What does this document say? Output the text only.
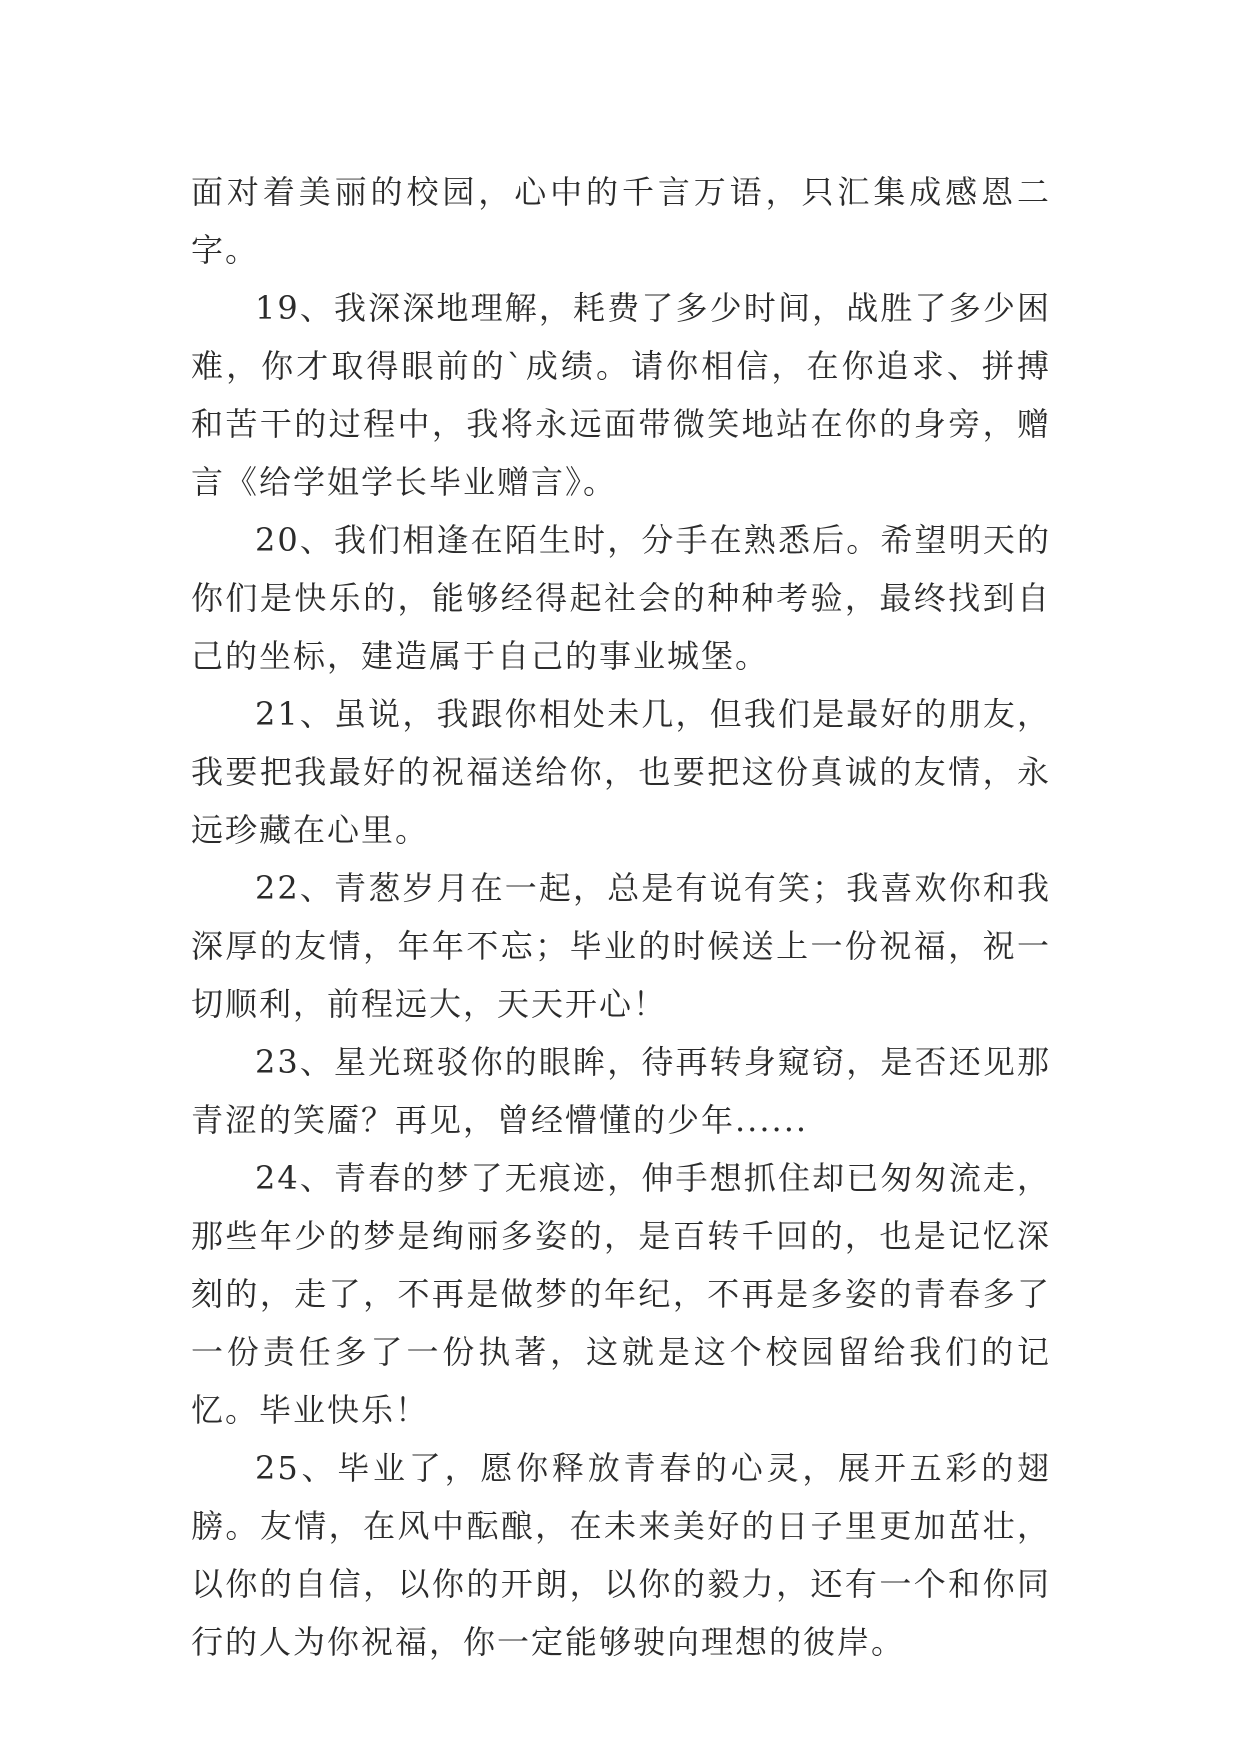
面对着美丽的校园，心中的千言万语，只汇集成感恩二字。

19、我深深地理解，耗费了多少时间，战胜了多少困难，你才取得眼前的`成绩。请你相信，在你追求、拼搏和苦干的过程中，我将永远面带微笑地站在你的身旁，赠言《给学姐学长毕业赠言》。

20、我们相逢在陌生时，分手在熟悉后。希望明天的你们是快乐的，能够经得起社会的种种考验，最终找到自己的坐标，建造属于自己的事业城堡。

21、虽说，我跟你相处未几，但我们是最好的朋友，我要把我最好的祝福送给你，也要把这份真诚的友情，永远珍藏在心里。

22、青葱岁月在一起，总是有说有笑；我喜欢你和我深厚的友情，年年不忘；毕业的时候送上一份祝福，祝一切顺利，前程远大，天天开心！

23、星光斑驳你的眼眸，待再转身窥窃，是否还见那青涩的笑靥？再见，曾经懵懂的少年......

24、青春的梦了无痕迹，伸手想抓住却已匆匆流走，那些年少的梦是绚丽多姿的，是百转千回的，也是记忆深刻的，走了，不再是做梦的年纪，不再是多姿的青春多了一份责任多了一份执著，这就是这个校园留给我们的记忆。毕业快乐！

25、毕业了，愿你释放青春的心灵，展开五彩的翅膀。友情，在风中酝酿，在未来美好的日子里更加茁壮，以你的自信，以你的开朗，以你的毅力，还有一个和你同行的人为你祝福，你一定能够驶向理想的彼岸。
